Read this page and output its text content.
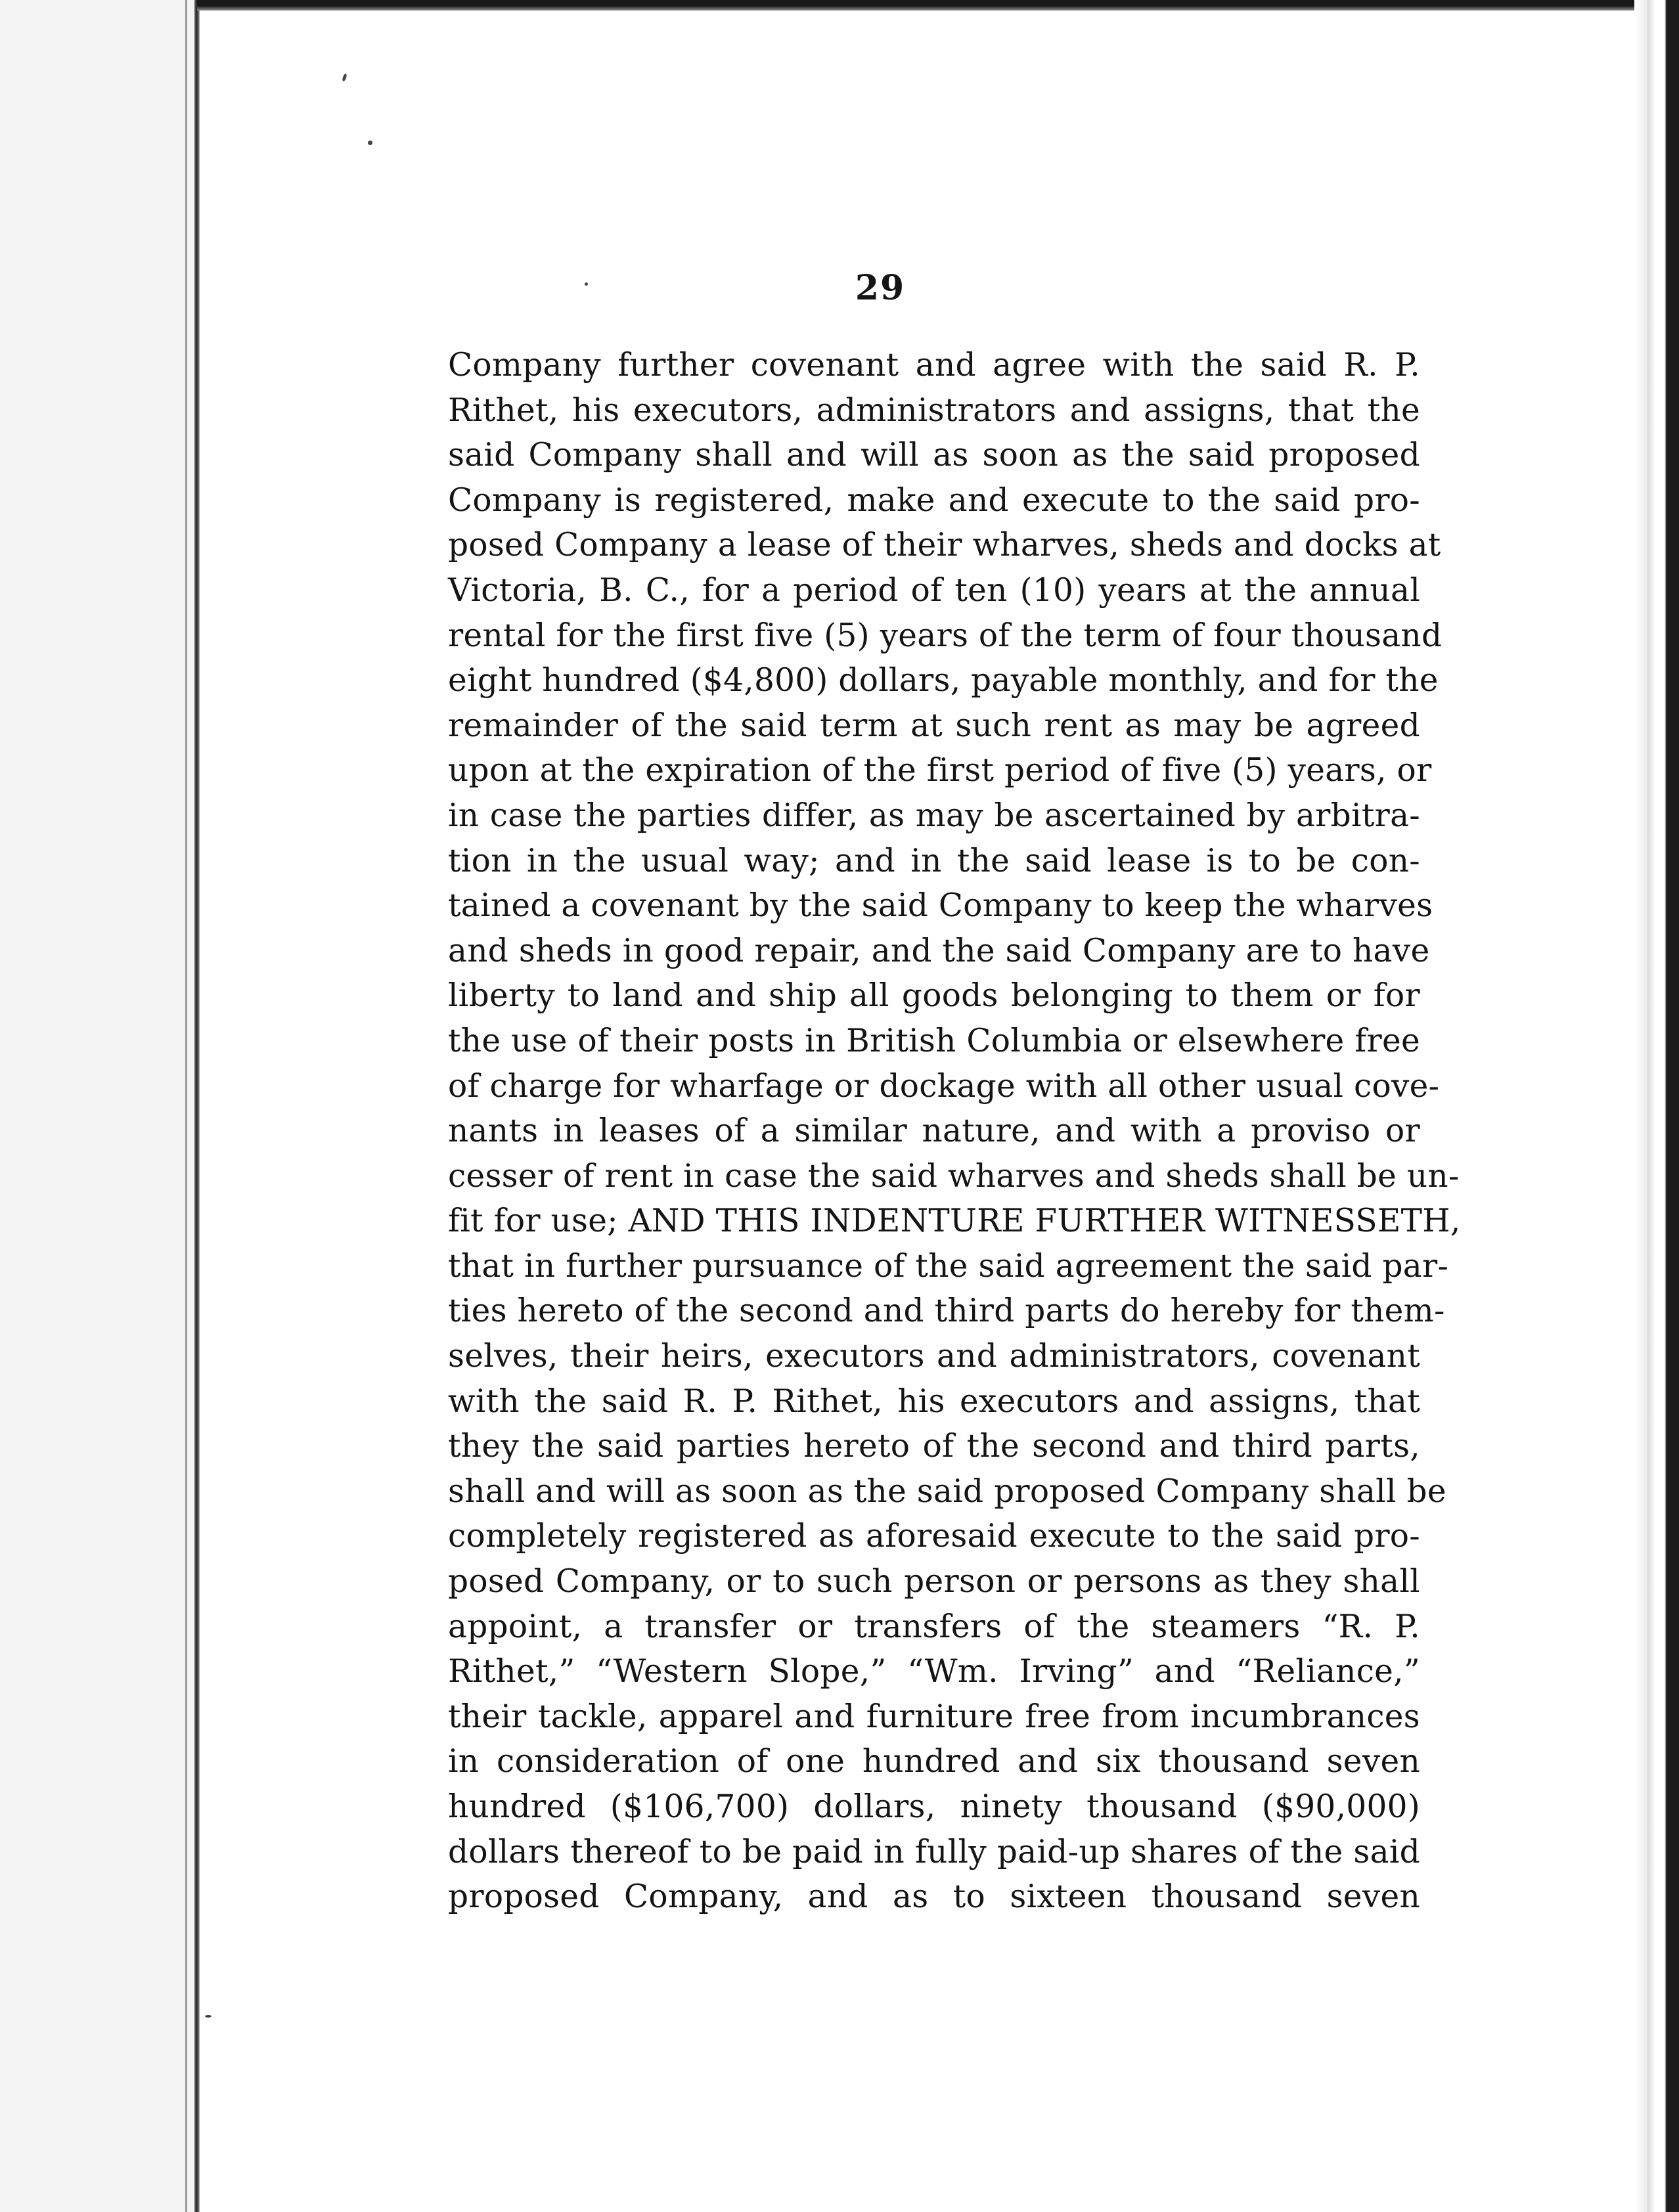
29
Company further covenant and agree with the said R. P.
Rithet, his executors, administrators and assigns, that the
said Company shall and will as soon as the said proposed
Company is registered, make and execute to the said pro-
posed Company a lease of their wharves, sheds and docks at
Victoria, B. C., for a period of ten (10) years at the annual
rental for the first five (5) years of the term of four thousand
eight hundred ($4,800) dollars, payable monthly, and for the
remainder of the said term at such rent as may be agreed
upon at the expiration of the first period of five (5) years, or
in case the parties differ, as may be ascertained by arbitra-
tion in the usual way; and in the said lease is to be con-
tained a covenant by the said Company to keep the wharves
and sheds in good repair, and the said Company are to have
liberty to land and ship all goods belonging to them or for
the use of their posts in British Columbia or elsewhere free
of charge for wharfage or dockage with all other usual cove-
nants in leases of a similar nature, and with a proviso or
cesser of rent in case the said wharves and sheds shall be un-
fit for use; AND THIS INDENTURE FURTHER WITNESSETH,
that in further pursuance of the said agreement the said par-
ties hereto of the second and third parts do hereby for them-
selves, their heirs, executors and administrators, covenant
with the said R. P. Rithet, his executors and assigns, that
they the said parties hereto of the second and third parts,
shall and will as soon as the said proposed Company shall be
completely registered as aforesaid execute to the said pro-
posed Company, or to such person or persons as they shall
appoint, a transfer or transfers of the steamers “R. P.
Rithet,” “Western Slope,” “Wm. Irving” and “Reliance,”
their tackle, apparel and furniture free from incumbrances
in consideration of one hundred and six thousand seven
hundred ($106,700) dollars, ninety thousand ($90,000)
dollars thereof to be paid in fully paid-up shares of the said
proposed Company, and as to sixteen thousand seven
